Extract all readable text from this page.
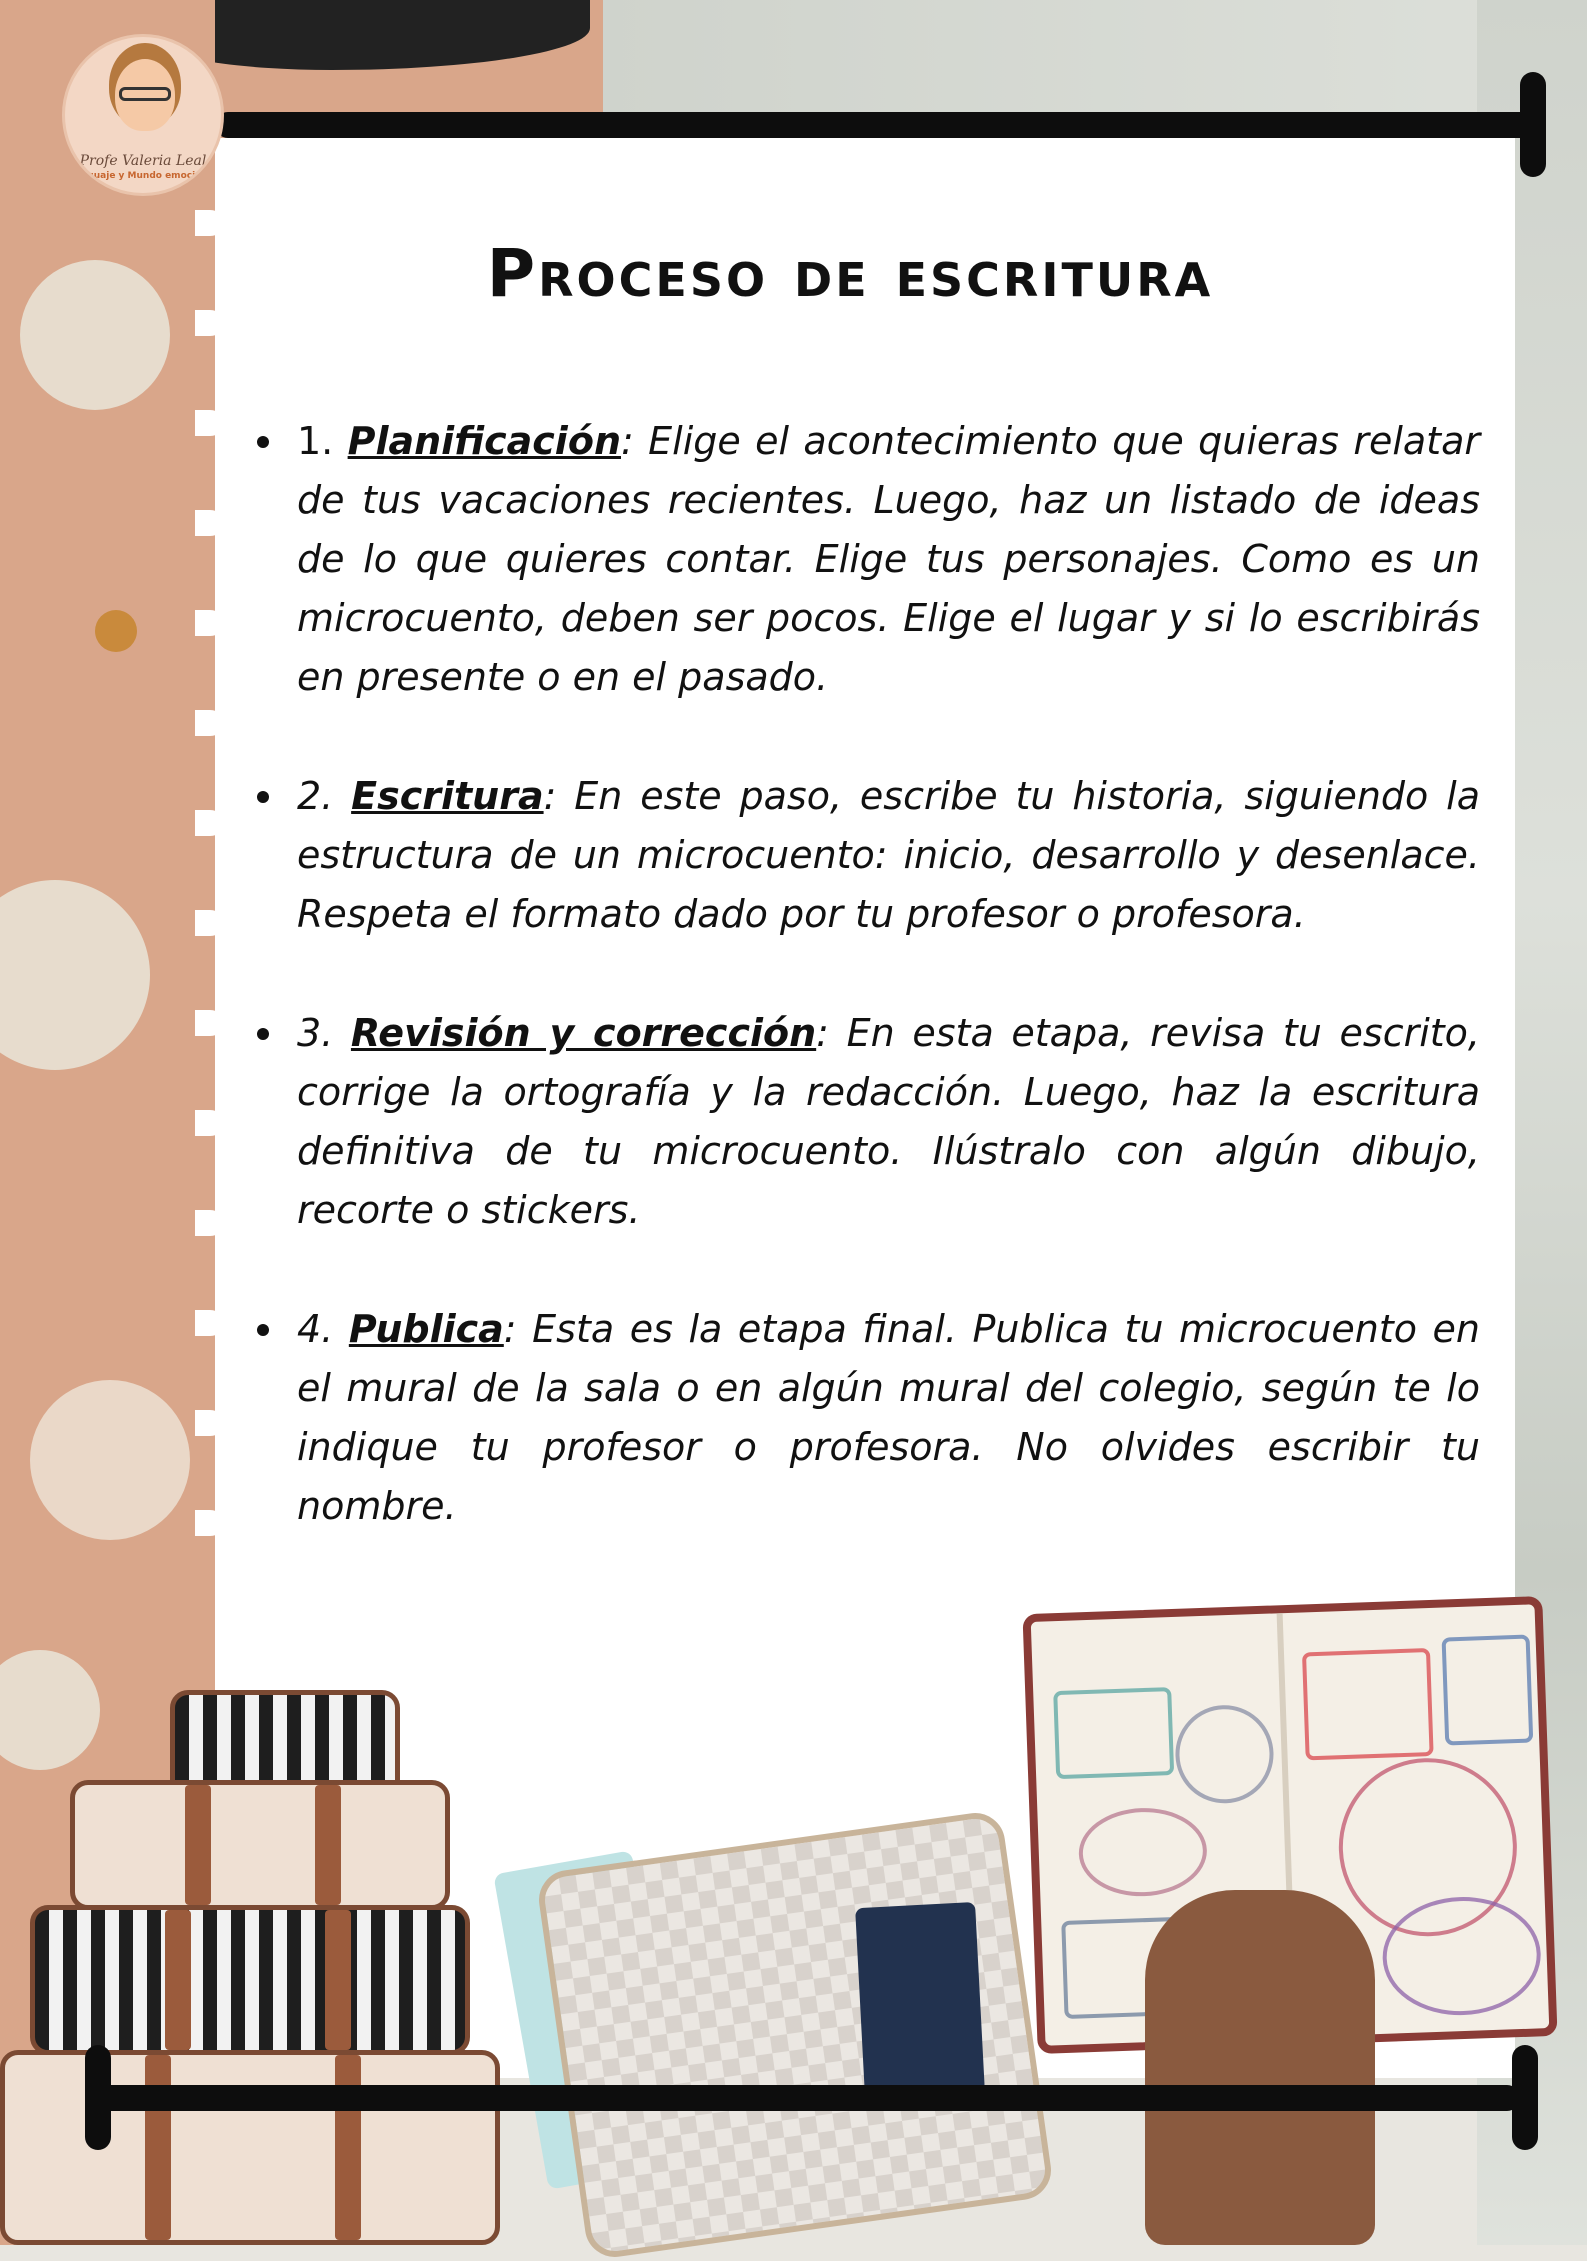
Profe Valeria Leal
Lenguaje y Mundo emocional
Proceso de escritura
1. Planificación: Elige el acontecimiento que quieras relatar de tus vacaciones recientes. Luego, haz un listado de ideas de lo que quieres contar. Elige tus personajes. Como es un microcuento, deben ser pocos. Elige el lugar y si lo escribirás en presente o en el pasado.
2. Escritura: En este paso, escribe tu historia, siguiendo la estructura de un microcuento: inicio, desarrollo y desenlace. Respeta el formato dado por tu profesor o profesora.
3. Revisión y corrección: En esta etapa, revisa tu escrito, corrige la ortografía y la redacción. Luego, haz la escritura definitiva de tu microcuento. Ilústralo con algún dibujo, recorte o stickers.
4. Publica: Esta es la etapa final. Publica tu microcuento en el mural de la sala o en algún mural del colegio, según te lo indique tu profesor o profesora. No olvides escribir tu nombre.
